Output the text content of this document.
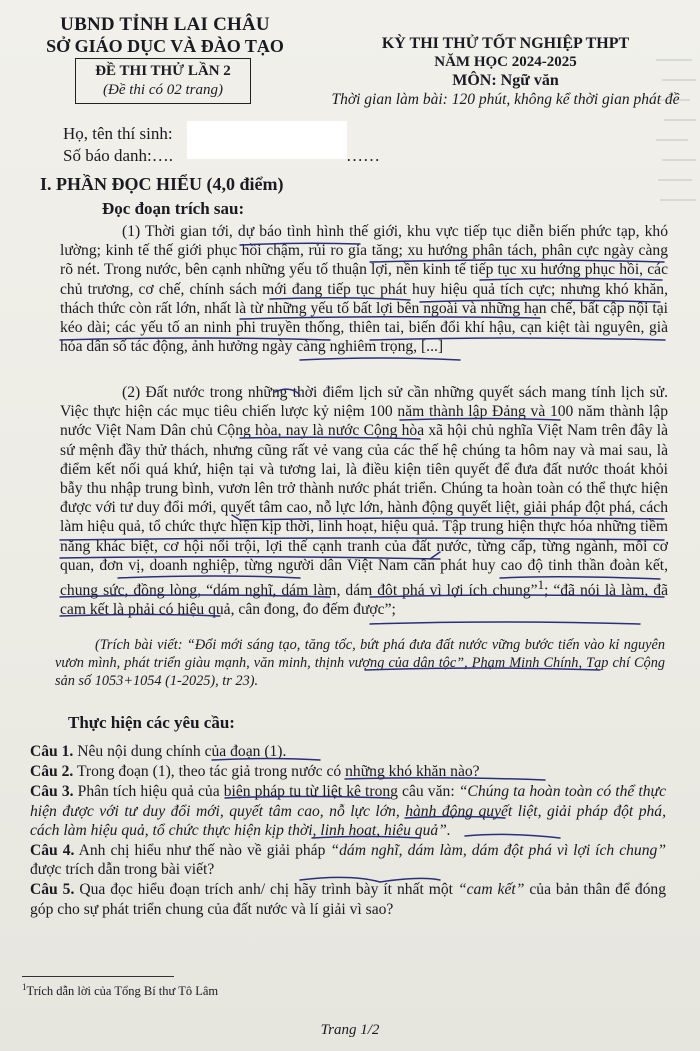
UBND TỈNH LAI CHÂU
SỞ GIÁO DỤC VÀ ĐÀO TẠO
ĐỀ THI THỬ LẦN 2
(Đề thi có 02 trang)
KỲ THI THỬ TỐT NGHIỆP THPT
NĂM HỌC 2024-2025
MÔN: Ngữ văn
Thời gian làm bài: 120 phút, không kể thời gian phát đề
Họ, tên thí sinh:
Số báo danh:….	……
I. PHẦN ĐỌC HIỂU (4,0 điểm)
Đọc đoạn trích sau:
(1) Thời gian tới, dự báo tình hình thế giới, khu vực tiếp tục diễn biến phức tạp, khó lường; kinh tế thế giới phục hồi chậm, rủi ro gia tăng; xu hướng phân tách, phân cực ngày càng rõ nét. Trong nước, bên cạnh những yếu tố thuận lợi, nền kinh tế tiếp tục xu hướng phục hồi, các chủ trương, cơ chế, chính sách mới đang tiếp tục phát huy hiệu quả tích cực; nhưng khó khăn, thách thức còn rất lớn, nhất là từ những yếu tố bất lợi bên ngoài và những hạn chế, bất cập nội tại kéo dài; các yếu tố an ninh phi truyền thống, thiên tai, biến đổi khí hậu, cạn kiệt tài nguyên, già hóa dân số tác động, ảnh hưởng ngày càng nghiêm trọng, [...]
(2) Đất nước trong những thời điểm lịch sử cần những quyết sách mang tính lịch sử. Việc thực hiện các mục tiêu chiến lược kỷ niệm 100 năm thành lập Đảng và 100 năm thành lập nước Việt Nam Dân chủ Cộng hòa, nay là nước Cộng hòa xã hội chủ nghĩa Việt Nam trên đây là sứ mệnh đầy thử thách, nhưng cũng rất vẻ vang của các thế hệ chúng ta hôm nay và mai sau, là điểm kết nối quá khứ, hiện tại và tương lai, là điều kiện tiên quyết để đưa đất nước thoát khỏi bẫy thu nhập trung bình, vươn lên trở thành nước phát triển. Chúng ta hoàn toàn có thể thực hiện được với tư duy đổi mới, quyết tâm cao, nỗ lực lớn, hành động quyết liệt, giải pháp đột phá, cách làm hiệu quả, tổ chức thực hiện kịp thời, linh hoạt, hiệu quả. Tập trung hiện thực hóa những tiềm năng khác biệt, cơ hội nổi trội, lợi thế cạnh tranh của đất nước, từng cấp, từng ngành, mỗi cơ quan, đơn vị, doanh nghiệp, từng người dân Việt Nam cần phát huy cao độ tinh thần đoàn kết, chung sức, đồng lòng, “dám nghĩ, dám làm, dám đột phá vì lợi ích chung”$^1$; “đã nói là làm, đã cam kết là phải có hiệu quả, cân đong, đo đếm được”;
(Trích bài viết: “Đổi mới sáng tạo, tăng tốc, bứt phá đưa đất nước vững bước tiến vào kỉ nguyên vươn mình, phát triển giàu mạnh, văn minh, thịnh vượng của dân tộc”, Phạm Minh Chính, Tạp chí Cộng sản số 1053+1054 (1-2025), tr 23).
Thực hiện các yêu cầu:
Câu 1. Nêu nội dung chính của đoạn (1).
Câu 2. Trong đoạn (1), theo tác giả trong nước có những khó khăn nào?
Câu 3. Phân tích hiệu quả của biện pháp tu từ liệt kê trong câu văn: “Chúng ta hoàn toàn có thể thực hiện được với tư duy đổi mới, quyết tâm cao, nỗ lực lớn, hành động quyết liệt, giải pháp đột phá, cách làm hiệu quả, tổ chức thực hiện kịp thời, linh hoạt, hiệu quả”.
Câu 4. Anh chị hiểu như thế nào về giải pháp “dám nghĩ, dám làm, dám đột phá vì lợi ích chung” được trích dẫn trong bài viết?
Câu 5. Qua đọc hiểu đoạn trích anh/ chị hãy trình bày ít nhất một “cam kết” của bản thân để đóng góp cho sự phát triển chung của đất nước và lí giải vì sao?
$^1$Trích dẫn lời của Tổng Bí thư Tô Lâm
Trang 1/2
